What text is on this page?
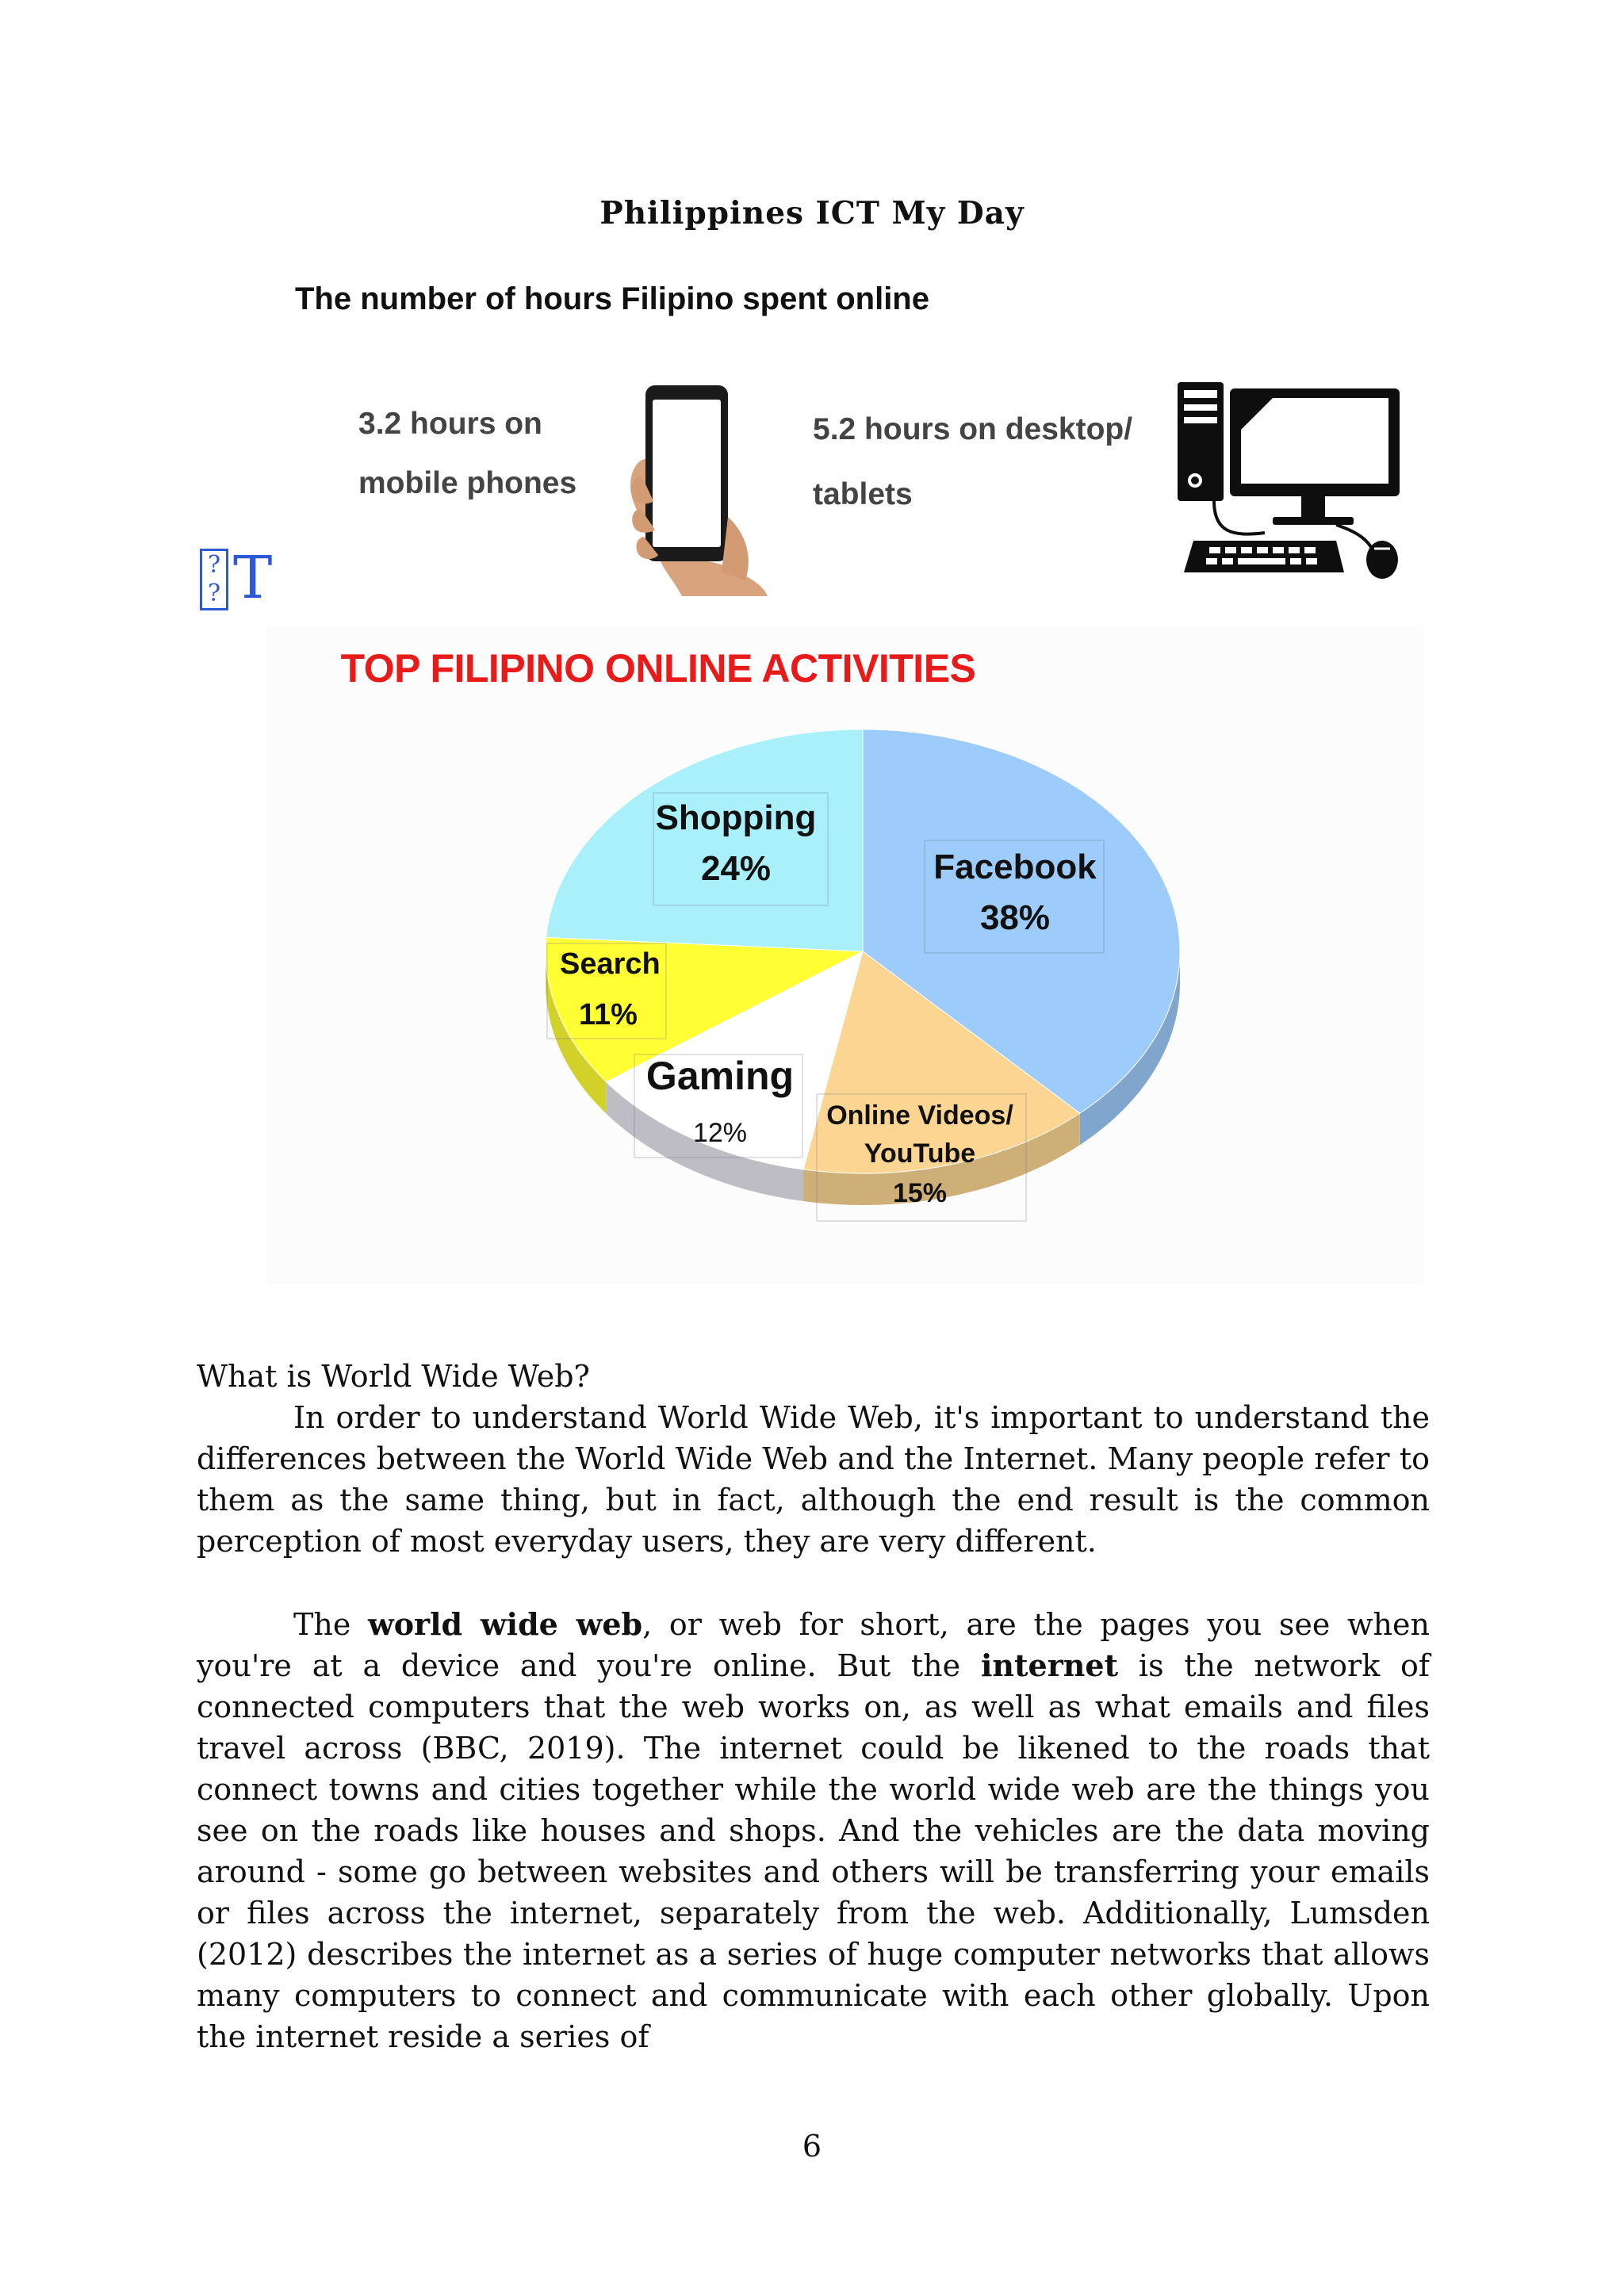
Philippines ICT My Day
The number of hours Filipino spent online
3.2 hours on
mobile phones
5.2 hours on desktop/
tablets
?
? T
TOP FILIPINO ONLINE ACTIVITIES
Facebook
38%
Online Videos/
YouTube
15%
Gaming
12%
Search
11%
Shopping
24%
What is World Wide Web?

In order to understand World Wide Web, it's important to understand the differences between the World Wide Web and the Internet. Many people refer to them as the same thing, but in fact, although the end result is the common perception of most everyday users, they are very different.

The world wide web, or web for short, are the pages you see when you're at a device and you're online. But the internet is the network of connected computers that the web works on, as well as what emails and files travel across (BBC, 2019). The internet could be likened to the roads that connect towns and cities together while the world wide web are the things you see on the roads like houses and shops. And the vehicles are the data moving around - some go between websites and others will be transferring your emails or files across the internet, separately from the web. Additionally, Lumsden (2012) describes the internet as a series of huge computer networks that allows many computers to connect and communicate with each other globally. Upon the internet reside a series of

6
